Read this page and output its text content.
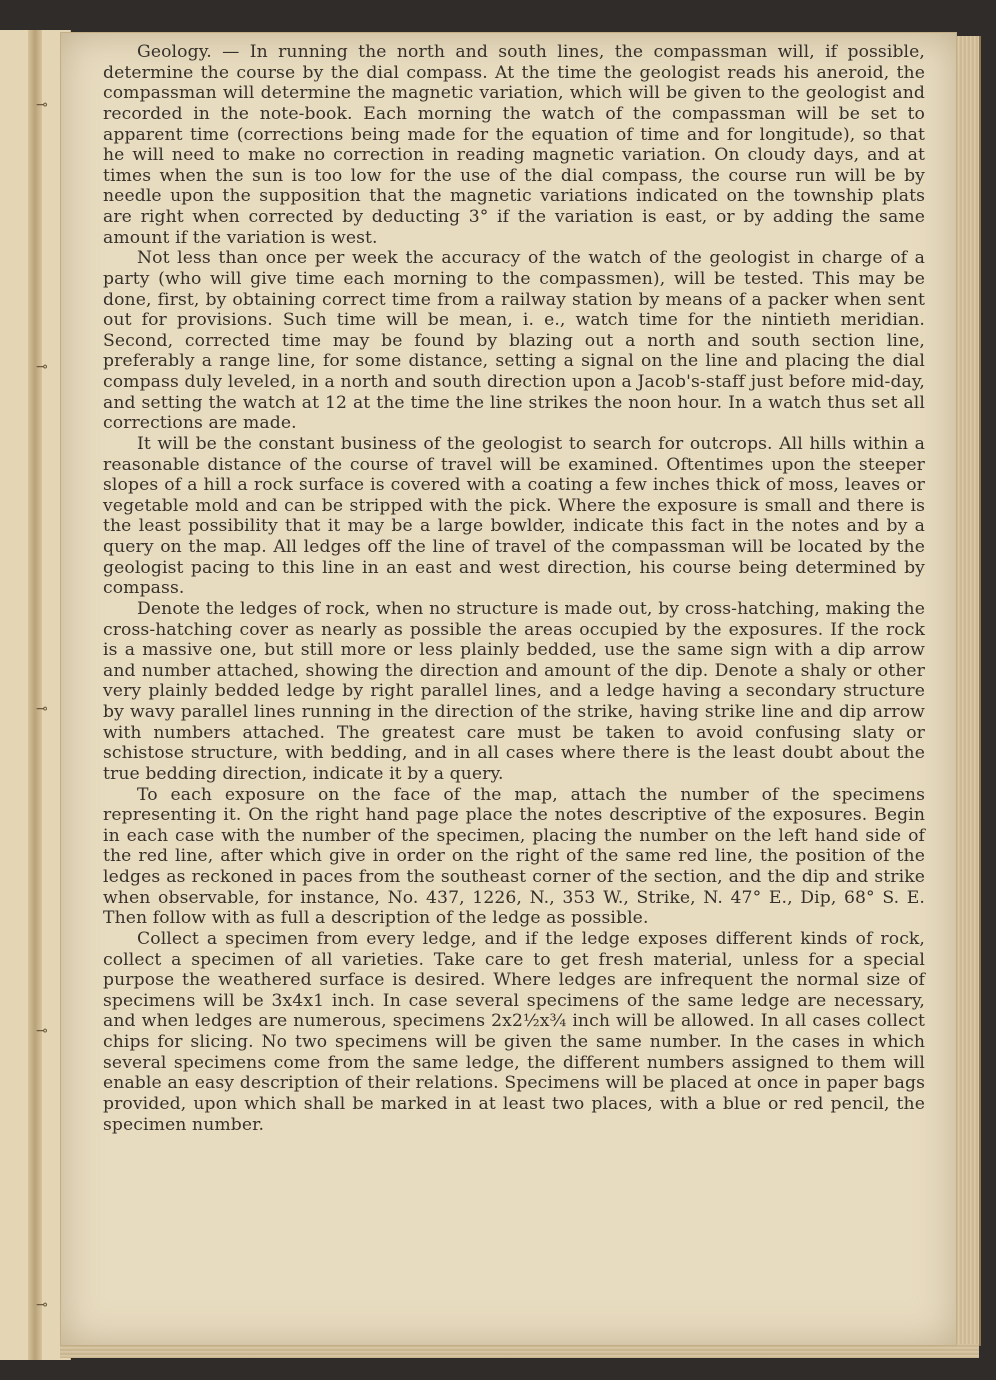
⊸
⊸
⊸
⊸
⊸

Geology. — In running the north and south lines, the compassman will, if possible, determine the course by the dial compass. At the time the geologist reads his aneroid, the compassman will determine the magnetic variation, which will be given to the geologist and recorded in the note-book. Each morning the watch of the compassman will be set to apparent time (corrections being made for the equation of time and for longitude), so that he will need to make no correction in reading magnetic variation. On cloudy days, and at times when the sun is too low for the use of the dial compass, the course run will be by needle upon the supposition that the magnetic variations indicated on the township plats are right when corrected by deducting 3° if the variation is east, or by adding the same amount if the variation is west.

Not less than once per week the accuracy of the watch of the geologist in charge of a party (who will give time each morning to the compassmen), will be tested. This may be done, first, by obtaining correct time from a railway station by means of a packer when sent out for provisions. Such time will be mean, i. e., watch time for the nintieth meridian. Second, corrected time may be found by blazing out a north and south section line, preferably a range line, for some distance, setting a signal on the line and placing the dial compass duly leveled, in a north and south direction upon a Jacob's-staff just before mid-day, and setting the watch at 12 at the time the line strikes the noon hour. In a watch thus set all corrections are made.

It will be the constant business of the geologist to search for outcrops. All hills within a reasonable distance of the course of travel will be examined. Oftentimes upon the steeper slopes of a hill a rock surface is covered with a coating a few inches thick of moss, leaves or vegetable mold and can be stripped with the pick. Where the exposure is small and there is the least possibility that it may be a large bowlder, indicate this fact in the notes and by a query on the map. All ledges off the line of travel of the compassman will be located by the geologist pacing to this line in an east and west direction, his course being determined by compass.

Denote the ledges of rock, when no structure is made out, by cross-hatching, making the cross-hatching cover as nearly as possible the areas occupied by the exposures. If the rock is a massive one, but still more or less plainly bedded, use the same sign with a dip arrow and number attached, showing the direction and amount of the dip. Denote a shaly or other very plainly bedded ledge by right parallel lines, and a ledge having a secondary structure by wavy parallel lines running in the direction of the strike, having strike line and dip arrow with numbers attached. The greatest care must be taken to avoid confusing slaty or schistose structure, with bedding, and in all cases where there is the least doubt about the true bedding direction, indicate it by a query.

To each exposure on the face of the map, attach the number of the specimens representing it. On the right hand page place the notes descriptive of the exposures. Begin in each case with the number of the specimen, placing the number on the left hand side of the red line, after which give in order on the right of the same red line, the position of the ledges as reckoned in paces from the southeast corner of the section, and the dip and strike when observable, for instance, No. 437, 1226, N., 353 W., Strike, N. 47° E., Dip, 68° S. E. Then follow with as full a description of the ledge as possible.

Collect a specimen from every ledge, and if the ledge exposes different kinds of rock, collect a specimen of all varieties. Take care to get fresh material, unless for a special purpose the weathered surface is desired. Where ledges are infrequent the normal size of specimens will be 3x4x1 inch. In case several specimens of the same ledge are necessary, and when ledges are numerous, specimens 2x2½x¾ inch will be allowed. In all cases collect chips for slicing. No two specimens will be given the same number. In the cases in which several specimens come from the same ledge, the different numbers assigned to them will enable an easy description of their relations. Specimens will be placed at once in paper bags provided, upon which shall be marked in at least two places, with a blue or red pencil, the specimen number.
